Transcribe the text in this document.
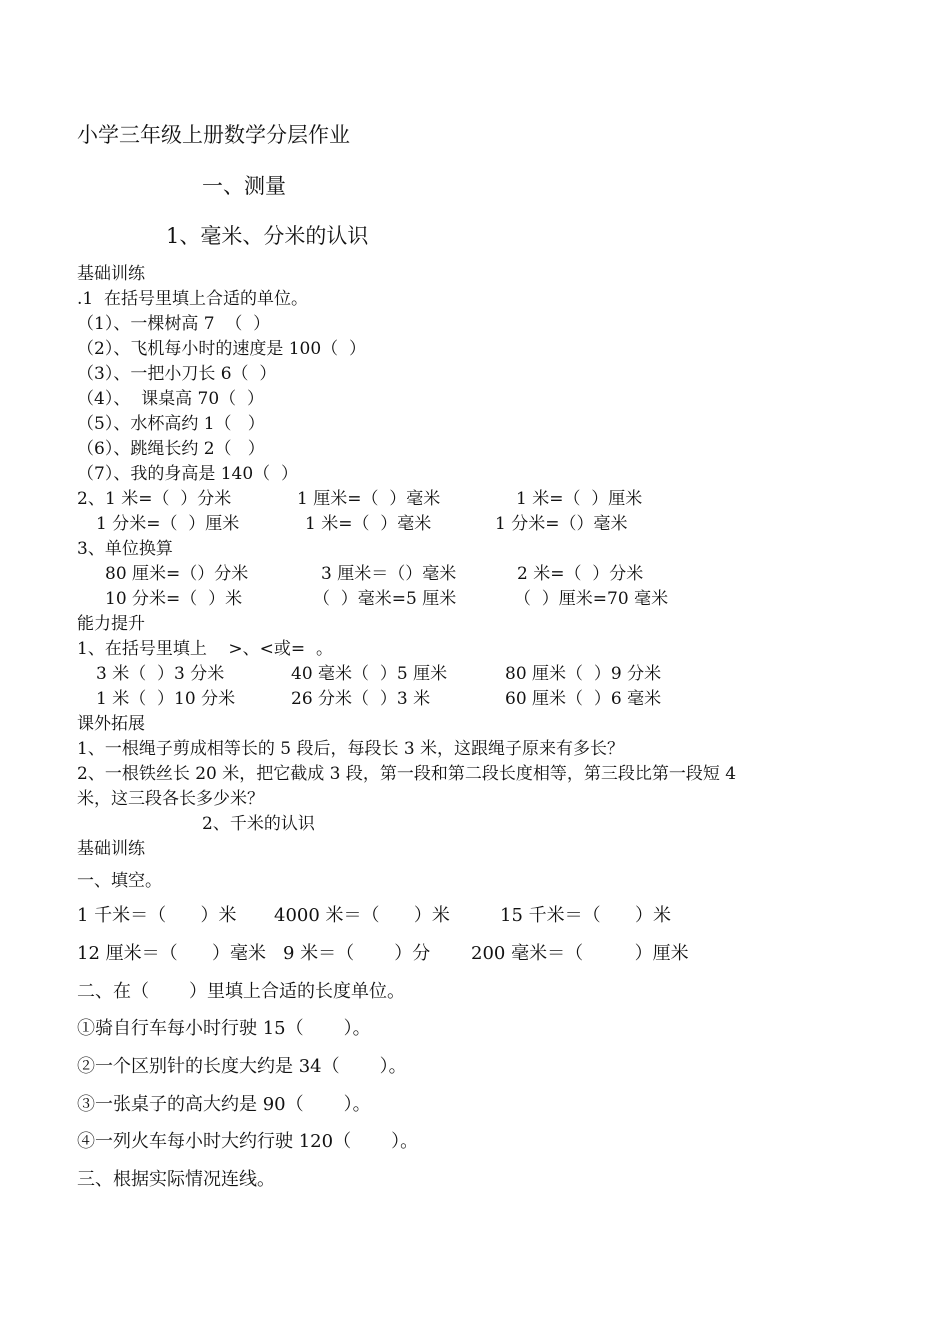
小学三年级上册数学分层作业
一、测量
1、毫米、分米的认识
基础训练
.1  在括号里填上合适的单位。
（1）、一棵树高 7  （  ）
（2）、飞机每小时的速度是 100（  ）
（3）、一把小刀长 6（  ）
（4）、  课桌高 70（  ）
（5）、水杯高约 1（   ）
（6）、跳绳长约 2（   ）
（7）、我的身高是 140（  ）
2、 1 米=（  ）分米	1 厘米=（  ）毫米	1 米=（  ）厘米
1 分米=（  ）厘米	1 米=（  ）毫米	1 分米=（）毫米
3、单位换算
80 厘米=（）分米	3 厘米＝（）毫米	2 米=（  ）分米
10 分米=（  ）米	（  ）毫米=5 厘米	（  ）厘米=70 毫米
能力提升
1、在括号里填上    >、<或=  。
3 米（  ）3 分米	40 毫米（  ）5 厘米	80 厘米（  ）9 分米
1 米（  ）10 分米	26 分米（  ）3 米	60 厘米（  ）6 毫米
课外拓展
1、一根绳子剪成相等长的 5 段后，每段长 3 米，这跟绳子原来有多长？
2、一根铁丝长 20 米，把它截成 3 段，第一段和第二段长度相等，第三段比第一段短 4
米，这三段各长多少米？
2、千米的认识
基础训练
一、填空。
1 千米＝（      ）米 4000 米＝（      ）米	15 千米＝（      ）米
12 厘米＝（      ）毫米 9 米＝（       ）分 200 毫米＝（         ）厘米
二、在（       ）里填上合适的长度单位。
①骑自行车每小时行驶 15（       ）。
②一个区别针的长度大约是 34（       ）。
③一张桌子的高大约是 90（       ）。
④一列火车每小时大约行驶 120（       ）。
三、根据实际情况连线。
